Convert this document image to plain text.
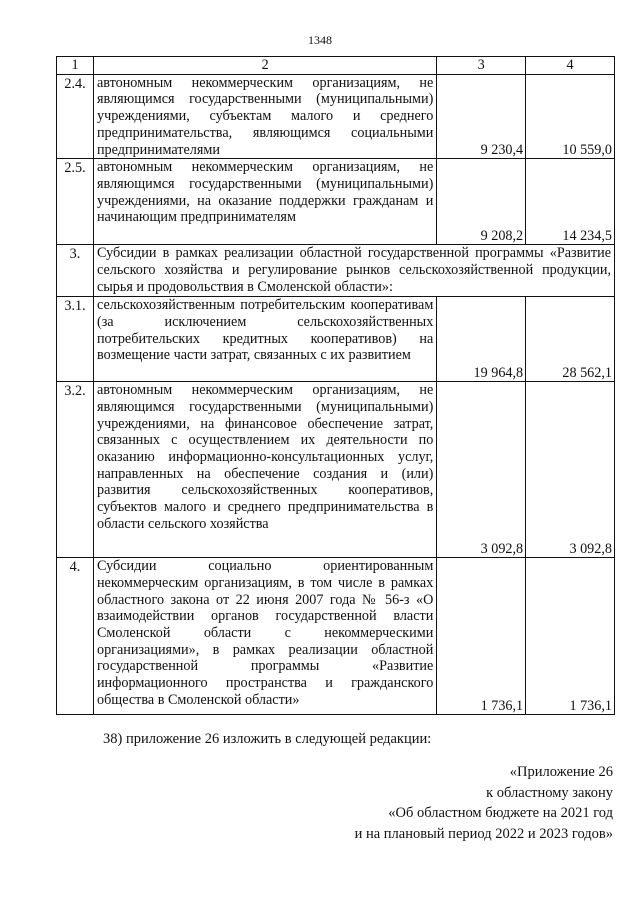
1348
1	2	3	4
2.4.	автономным некоммерческим организациям, не являющимся государственными (муниципальными) учреждениями, субъектам малого и среднего предпринимательства, являющимся социальными предпринимателями	9 230,4	10 559,0
2.5.	автономным некоммерческим организациям, не являющимся государственными (муниципальными) учреждениями, на оказание поддержки гражданам и начинающим предпринимателям	9 208,2	14 234,5
3.	Субсидии в рамках реализации областной государственной программы «Развитие сельского хозяйства и регулирование рынков сельскохозяйственной продукции, сырья и продовольствия в Смоленской области»:		
3.1.	сельскохозяйственным потребительским кооперативам (за исключением сельскохозяйственных потребительских кредитных кооперативов) на возмещение части затрат, связанных с их развитием	19 964,8	28 562,1
3.2.	автономным некоммерческим организациям, не являющимся государственными (муниципальными) учреждениями, на финансовое обеспечение затрат, связанных с осуществлением их деятельности по оказанию информационно-консультационных услуг, направленных на обеспечение создания и (или) развития сельскохозяйственных кооперативов, субъектов малого и среднего предпринимательства в области сельского хозяйства	3 092,8	3 092,8
4.	Субсидии социально ориентированным некоммерческим организациям, в том числе в рамках областного закона от 22 июня 2007 года № 56-з «О взаимодействии органов государственной власти Смоленской области с некоммерческими организациями», в рамках реализации областной государственной программы «Развитие информационного пространства и гражданского общества в Смоленской области»	1 736,1	1 736,1
38) приложение 26 изложить в следующей редакции:
«Приложение 26
к областному закону
«Об областном бюджете на 2021 год
и на плановый период 2022 и 2023 годов»
